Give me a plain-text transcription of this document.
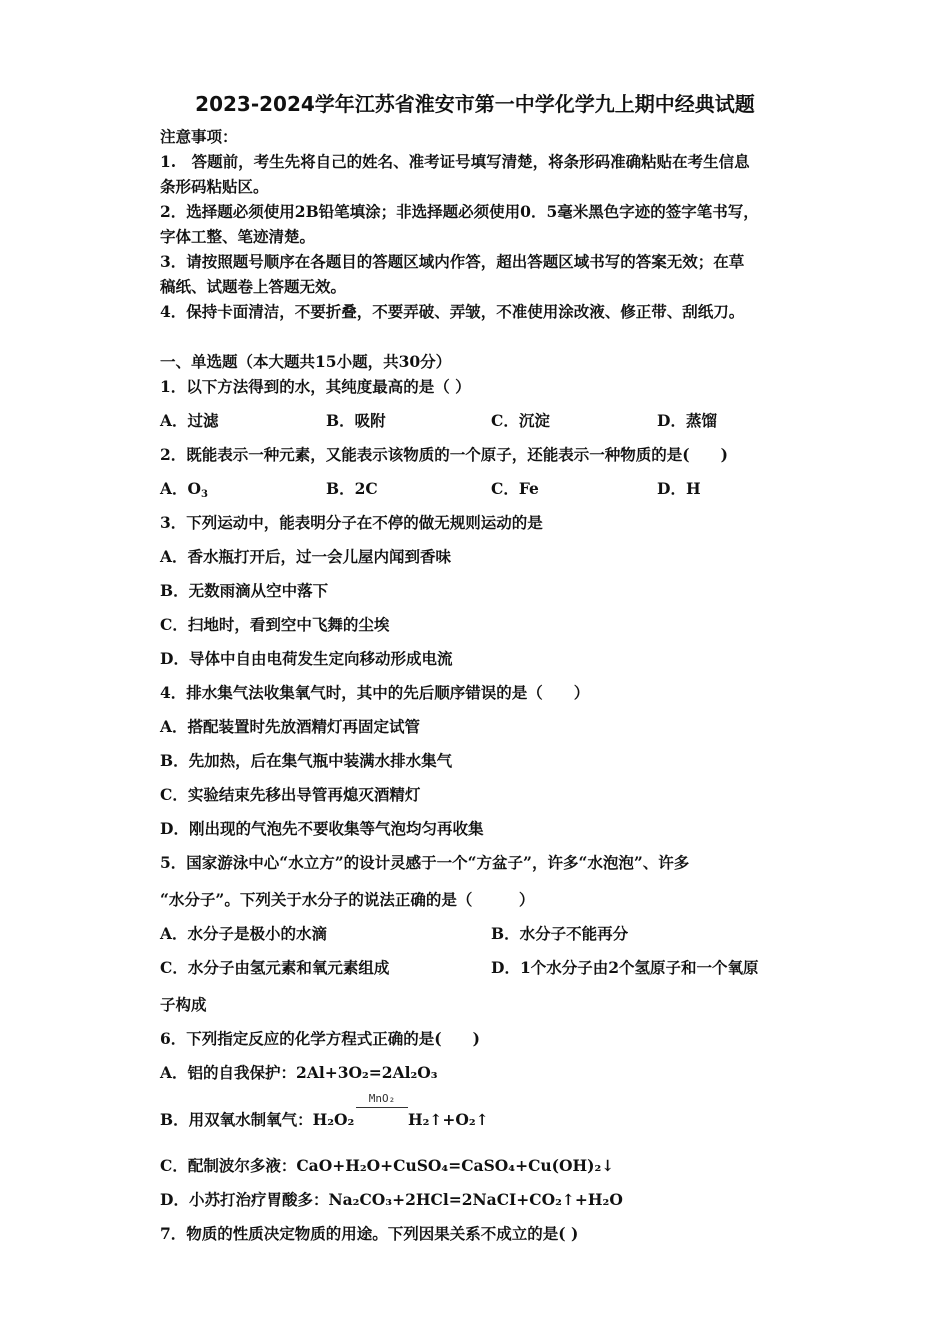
2023-2024学年江苏省淮安市第一中学化学九上期中经典试题
注意事项：
1.　答题前，考生先将自己的姓名、准考证号填写清楚，将条形码准确粘贴在考生信息
条形码粘贴区。
2．选择题必须使用2B铅笔填涂；非选择题必须使用0．5毫米黑色字迹的签字笔书写，
字体工整、笔迹清楚。
3．请按照题号顺序在各题目的答题区域内作答，超出答题区域书写的答案无效；在草
稿纸、试题卷上答题无效。
4．保持卡面清洁，不要折叠，不要弄破、弄皱，不准使用涂改液、修正带、刮纸刀。
一、单选题（本大题共15小题，共30分）
1．以下方法得到的水，其纯度最高的是（ ）
A．过滤	B．吸附	C．沉淀	D．蒸馏
2．既能表示一种元素，又能表示该物质的一个原子，还能表示一种物质的是(　　)
A．$O_3$	B．2C	C．Fe	D．H
3．下列运动中，能表明分子在不停的做无规则运动的是
A．香水瓶打开后，过一会儿屋内闻到香味
B．无数雨滴从空中落下
C．扫地时，看到空中飞舞的尘埃
D．导体中自由电荷发生定向移动形成电流
4．排水集气法收集氧气时，其中的先后顺序错误的是（　　）
A．搭配装置时先放酒精灯再固定试管
B．先加热，后在集气瓶中装满水排水集气
C．实验结束先移出导管再熄灭酒精灯
D．刚出现的气泡先不要收集等气泡均匀再收集
5．国家游泳中心“水立方”的设计灵感于一个“方盆子”，许多“水泡泡”、许多
“水分子”。下列关于水分子的说法正确的是（　　　）
A．水分子是极小的水滴	B．水分子不能再分
C．水分子由氢元素和氧元素组成	D．1个水分子由2个氢原子和一个氧原
子构成
6．下列指定反应的化学方程式正确的是(　　)
A．铝的自我保护：2Al+3O₂=2Al₂O₃
B．用双氧水制氧气：H₂O₂
MnO₂
H₂↑+O₂↑
C．配制波尔多液：CaO+H₂O+CuSO₄=CaSO₄+Cu(OH)₂↓
D．小苏打治疗胃酸多：Na₂CO₃+2HCl=2NaCI+CO₂↑+H₂O
7．物质的性质决定物质的用途。下列因果关系不成立的是( )
